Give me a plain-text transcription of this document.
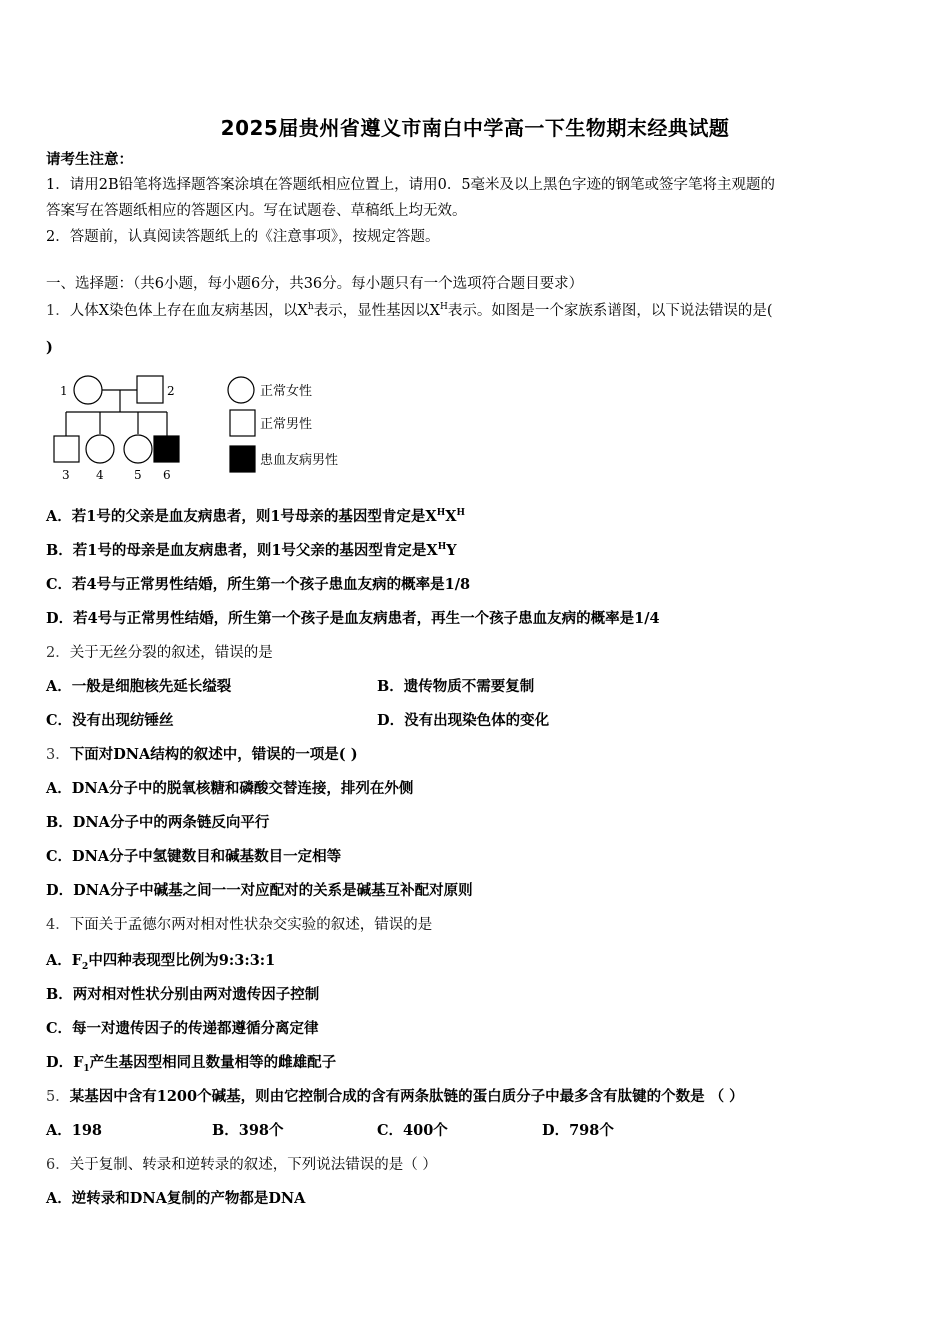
2025届贵州省遵义市南白中学高一下生物期末经典试题
请考生注意：
1．请用2B铅笔将选择题答案涂填在答题纸相应位置上，请用0．5毫米及以上黑色字迹的钢笔或签字笔将主观题的
答案写在答题纸相应的答题区内。写在试题卷、草稿纸上均无效。
2．答题前，认真阅读答题纸上的《注意事项》，按规定答题。
一、选择题：（共6小题，每小题6分，共36分。每小题只有一个选项符合题目要求）
1．人体X染色体上存在血友病基因，以$X^h$表示，显性基因以$X^H$表示。如图是一个家族系谱图，以下说法错误的是(
)
1	2
3 4	5 6
正常女性
正常男性
患血友病男性
A．若1号的父亲是血友病患者，则1号母亲的基因型肯定是$X^HX^H$
B．若1号的母亲是血友病患者，则1号父亲的基因型肯定是$X^HY$
C．若4号与正常男性结婚，所生第一个孩子患血友病的概率是1/8
D．若4号与正常男性结婚，所生第一个孩子是血友病患者，再生一个孩子患血友病的概率是1/4
2．关于无丝分裂的叙述，错误的是
A．一般是细胞核先延长缢裂	B．遗传物质不需要复制
C．没有出现纺锤丝	D．没有出现染色体的变化
3．下面对DNA结构的叙述中，错误的一项是( )
A．DNA分子中的脱氧核糖和磷酸交替连接，排列在外侧
B．DNA分子中的两条链反向平行
C．DNA分子中氢键数目和碱基数目一定相等
D．DNA分子中碱基之间一一对应配对的关系是碱基互补配对原则
4．下面关于孟德尔两对相对性状杂交实验的叙述，错误的是
A．$F_2$中四种表现型比例为9:3:3:1
B．两对相对性状分别由两对遗传因子控制
C．每一对遗传因子的传递都遵循分离定律
D．$F_1$产生基因型相同且数量相等的雌雄配子
5．某基因中含有1200个碱基，则由它控制合成的含有两条肽链的蛋白质分子中最多含有肽键的个数是 （ ）
A．198	B．398个	C．400个	D．798个
6．关于复制、转录和逆转录的叙述，下列说法错误的是（ ）
A．逆转录和DNA复制的产物都是DNA
